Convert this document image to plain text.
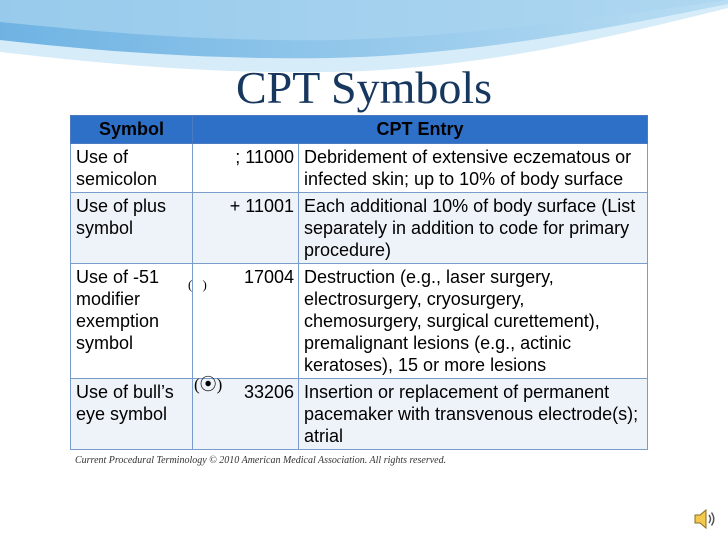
CPT Symbols
Symbol	CPT Entry	
Use of semicolon	; 11000	Debridement of extensive eczematous or infected skin; up to 10% of body surface
Use of plus symbol	+ 11001	Each additional 10% of body surface (List separately in addition to code for primary procedure)
Use of -51 modifier exemption symbol	17004	Destruction (e.g., laser surgery, electrosurgery, cryosurgery, chemosurgery, surgical curettement), premalignant lesions (e.g., actinic keratoses), 15 or more lesions
Use of bull’s eye symbol	33206	Insertion or replacement of permanent pacemaker with transvenous electrode(s); atrial
(⃠)
(⦿)
Current Procedural Terminology © 2010 American Medical Association. All rights reserved.
